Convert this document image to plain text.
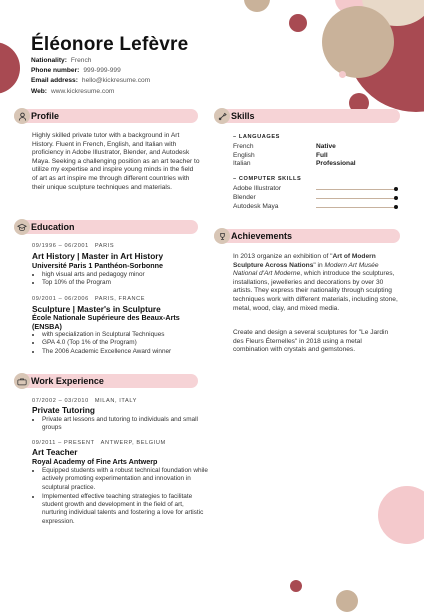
Éléonore Lefèvre
Nationality: French
Phone number: 999-999-999
Email address: hello@kickresume.com
Web: www.kickresume.com
Profile
Highly skilled private tutor with a background in Art History. Fluent in French, English, and Italian with proficiency in Adobe Illustrator, Blender, and Autodesk Maya. Seeking a challenging position as an art teacher to utilize my expertise and inspire young minds in the field of art as art inspire me through different countries with their unique sculpture techniques and materials.
Education
09/1996 – 06/2001 PARIS
Art History | Master in Art History
Université Paris 1 Panthéon-Sorbonne
• high visual arts and pedagogy minor
• Top 10% of the Program
09/2001 – 06/2006 PARIS, FRANCE
Sculpture | Master's in Sculpture
École Nationale Supérieure des Beaux-Arts (ENSBA)
• with specialization in Sculptural Techniques
• GPA 4.0 (Top 1% of the Program)
• The 2006 Academic Excellence Award winner
Work Experience
07/2002 – 03/2010 MILAN, ITALY
Private Tutoring
• Private art lessons and tutoring to individuals and small groups
09/2011 – PRESENT ANTWERP, BELGIUM
Art Teacher
Royal Academy of Fine Arts Antwerp
• Equipped students with a robust technical foundation while actively promoting experimentation and innovation in sculptural practice.
• Implemented effective teaching strategies to facilitate student growth and development in the field of art, nurturing individual talents and fostering a love for artistic expression.
Skills
– LANGUAGES
French	Native
English	Full
Italian	Professional
– COMPUTER SKILLS
Adobe Illustrator
Blender
Autodesk Maya
Achievements
In 2013 organize an exhibition of "Art of Modern Sculpture Across Nations" in Modern Art Musée National d'Art Moderne, which introduce the sculptures, installations, jewelleries and decorations by over 30 artists. They express their nationality through sculpting techniques work with different materials, including stone, metal, wood, clay, and mixed media.
Create and design a several sculptures for "Le Jardin des Fleurs Éternelles" in 2018 using a metal combination with crystals and gemstones.
